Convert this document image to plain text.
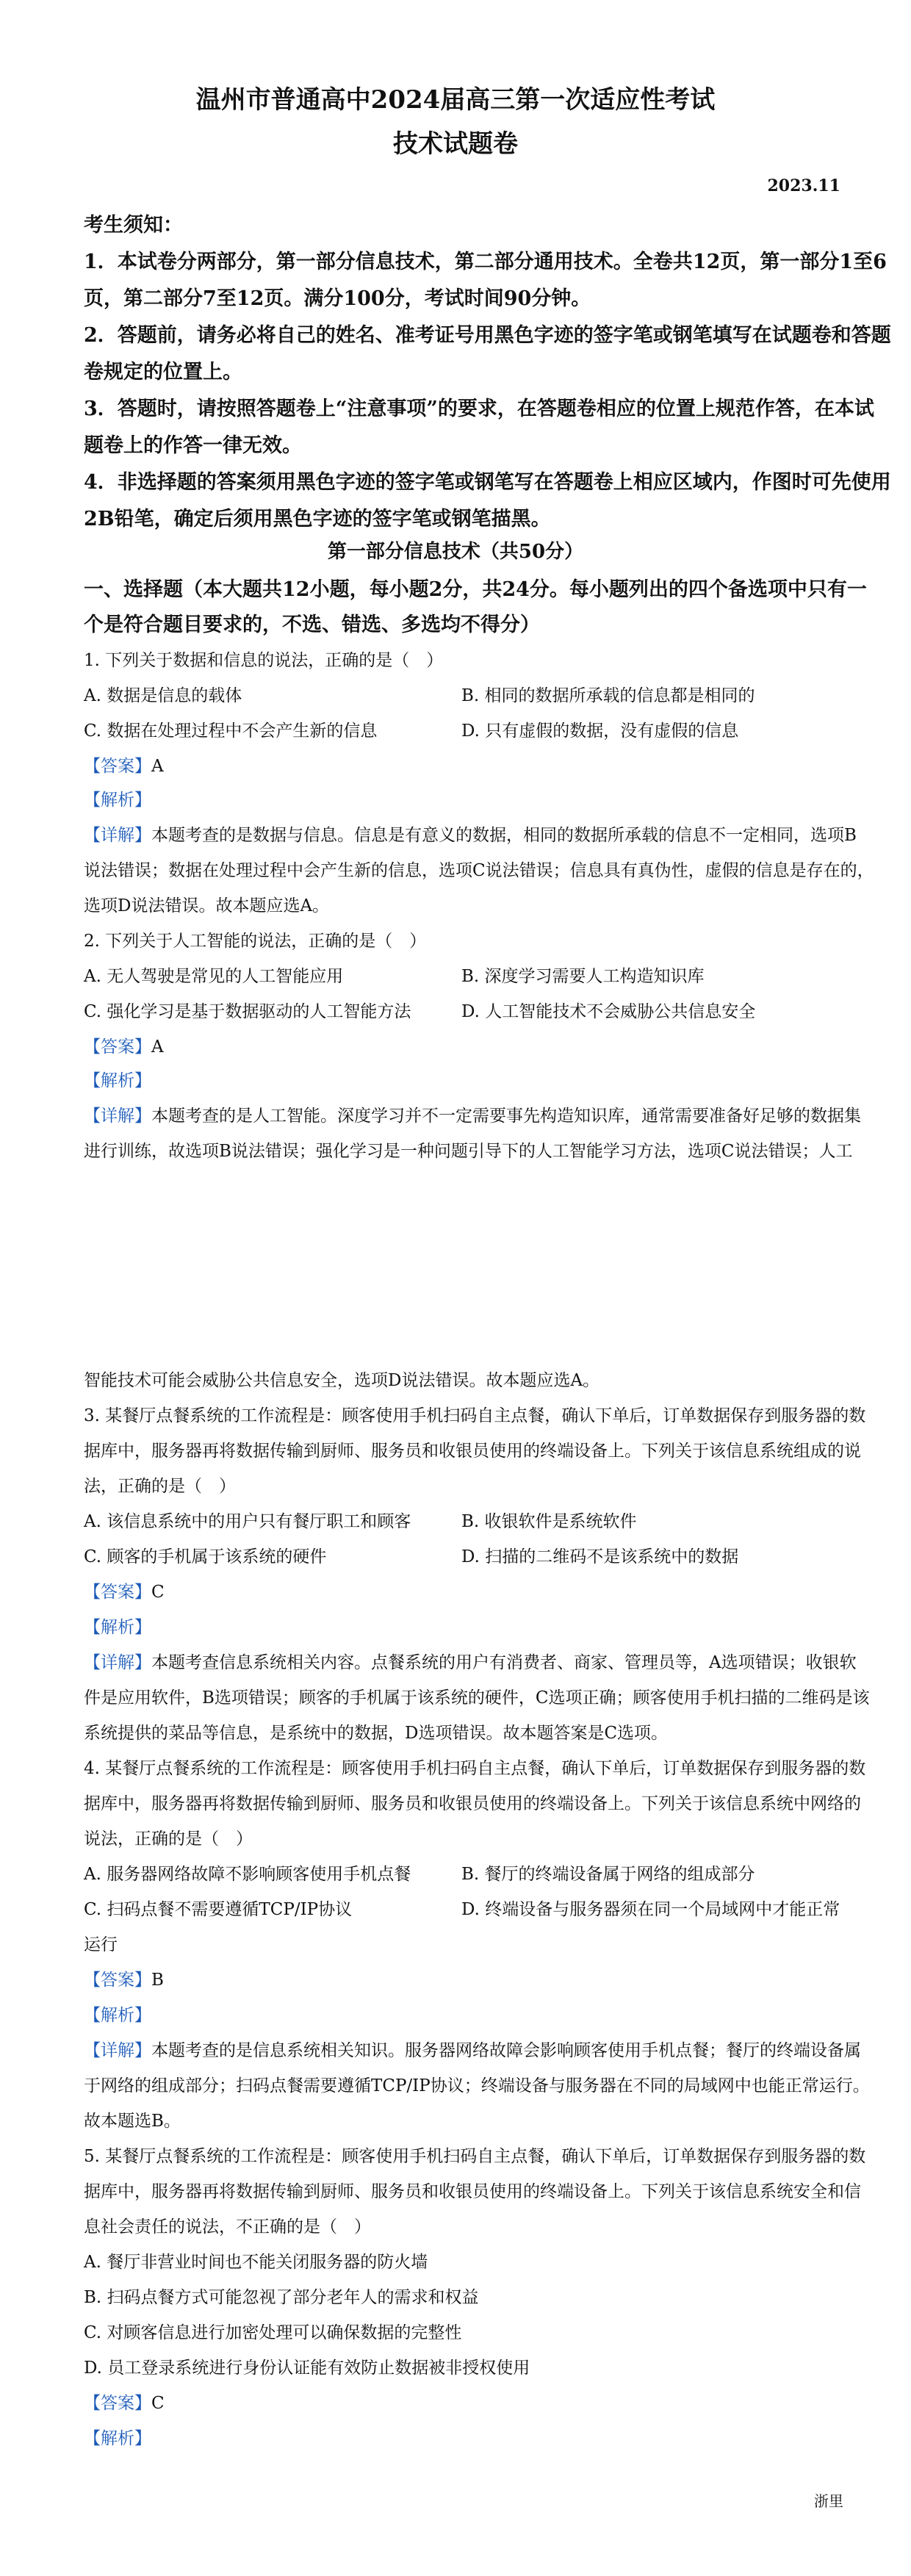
温州市普通高中2024届高三第一次适应性考试
技术试题卷
2023.11
考生须知：
1．本试卷分两部分，第一部分信息技术，第二部分通用技术。全卷共12页，第一部分1至6
页，第二部分7至12页。满分100分，考试时间90分钟。
2．答题前，请务必将自己的姓名、准考证号用黑色字迹的签字笔或钢笔填写在试题卷和答题
卷规定的位置上。
3．答题时，请按照答题卷上“注意事项”的要求，在答题卷相应的位置上规范作答，在本试
题卷上的作答一律无效。
4．非选择题的答案须用黑色字迹的签字笔或钢笔写在答题卷上相应区域内，作图时可先使用
2B铅笔，确定后须用黑色字迹的签字笔或钢笔描黑。
第一部分信息技术（共50分）
一、选择题（本大题共12小题，每小题2分，共24分。每小题列出的四个备选项中只有一
个是符合题目要求的，不选、错选、多选均不得分）
1. 下列关于数据和信息的说法，正确的是（　）
A. 数据是信息的载体	B. 相同的数据所承载的信息都是相同的
C. 数据在处理过程中不会产生新的信息	D. 只有虚假的数据，没有虚假的信息
【答案】A
【解析】
【详解】本题考查的是数据与信息。信息是有意义的数据，相同的数据所承载的信息不一定相同，选项B
说法错误；数据在处理过程中会产生新的信息，选项C说法错误；信息具有真伪性，虚假的信息是存在的，
选项D说法错误。故本题应选A。
2. 下列关于人工智能的说法，正确的是（　）
A. 无人驾驶是常见的人工智能应用	B. 深度学习需要人工构造知识库
C. 强化学习是基于数据驱动的人工智能方法	D. 人工智能技术不会威胁公共信息安全
【答案】A
【解析】
【详解】本题考查的是人工智能。深度学习并不一定需要事先构造知识库，通常需要准备好足够的数据集
进行训练，故选项B说法错误；强化学习是一种问题引导下的人工智能学习方法，选项C说法错误；人工
智能技术可能会威胁公共信息安全，选项D说法错误。故本题应选A。
3. 某餐厅点餐系统的工作流程是：顾客使用手机扫码自主点餐，确认下单后，订单数据保存到服务器的数
据库中，服务器再将数据传输到厨师、服务员和收银员使用的终端设备上。下列关于该信息系统组成的说
法，正确的是（　）
A. 该信息系统中的用户只有餐厅职工和顾客	B. 收银软件是系统软件
C. 顾客的手机属于该系统的硬件	D. 扫描的二维码不是该系统中的数据
【答案】C
【解析】
【详解】本题考查信息系统相关内容。点餐系统的用户有消费者、商家、管理员等，A选项错误；收银软
件是应用软件，B选项错误；顾客的手机属于该系统的硬件，C选项正确；顾客使用手机扫描的二维码是该
系统提供的菜品等信息，是系统中的数据，D选项错误。故本题答案是C选项。
4. 某餐厅点餐系统的工作流程是：顾客使用手机扫码自主点餐，确认下单后，订单数据保存到服务器的数
据库中，服务器再将数据传输到厨师、服务员和收银员使用的终端设备上。下列关于该信息系统中网络的
说法，正确的是（　）
A. 服务器网络故障不影响顾客使用手机点餐	B. 餐厅的终端设备属于网络的组成部分
C. 扫码点餐不需要遵循TCP/IP协议	D. 终端设备与服务器须在同一个局域网中才能正常
运行
【答案】B
【解析】
【详解】本题考查的是信息系统相关知识。服务器网络故障会影响顾客使用手机点餐；餐厅的终端设备属
于网络的组成部分；扫码点餐需要遵循TCP/IP协议；终端设备与服务器在不同的局域网中也能正常运行。
故本题选B。
5. 某餐厅点餐系统的工作流程是：顾客使用手机扫码自主点餐，确认下单后，订单数据保存到服务器的数
据库中，服务器再将数据传输到厨师、服务员和收银员使用的终端设备上。下列关于该信息系统安全和信
息社会责任的说法，不正确的是（　）
A. 餐厅非营业时间也不能关闭服务器的防火墙
B. 扫码点餐方式可能忽视了部分老年人的需求和权益
C. 对顾客信息进行加密处理可以确保数据的完整性
D. 员工登录系统进行身份认证能有效防止数据被非授权使用
【答案】C
【解析】
浙里
